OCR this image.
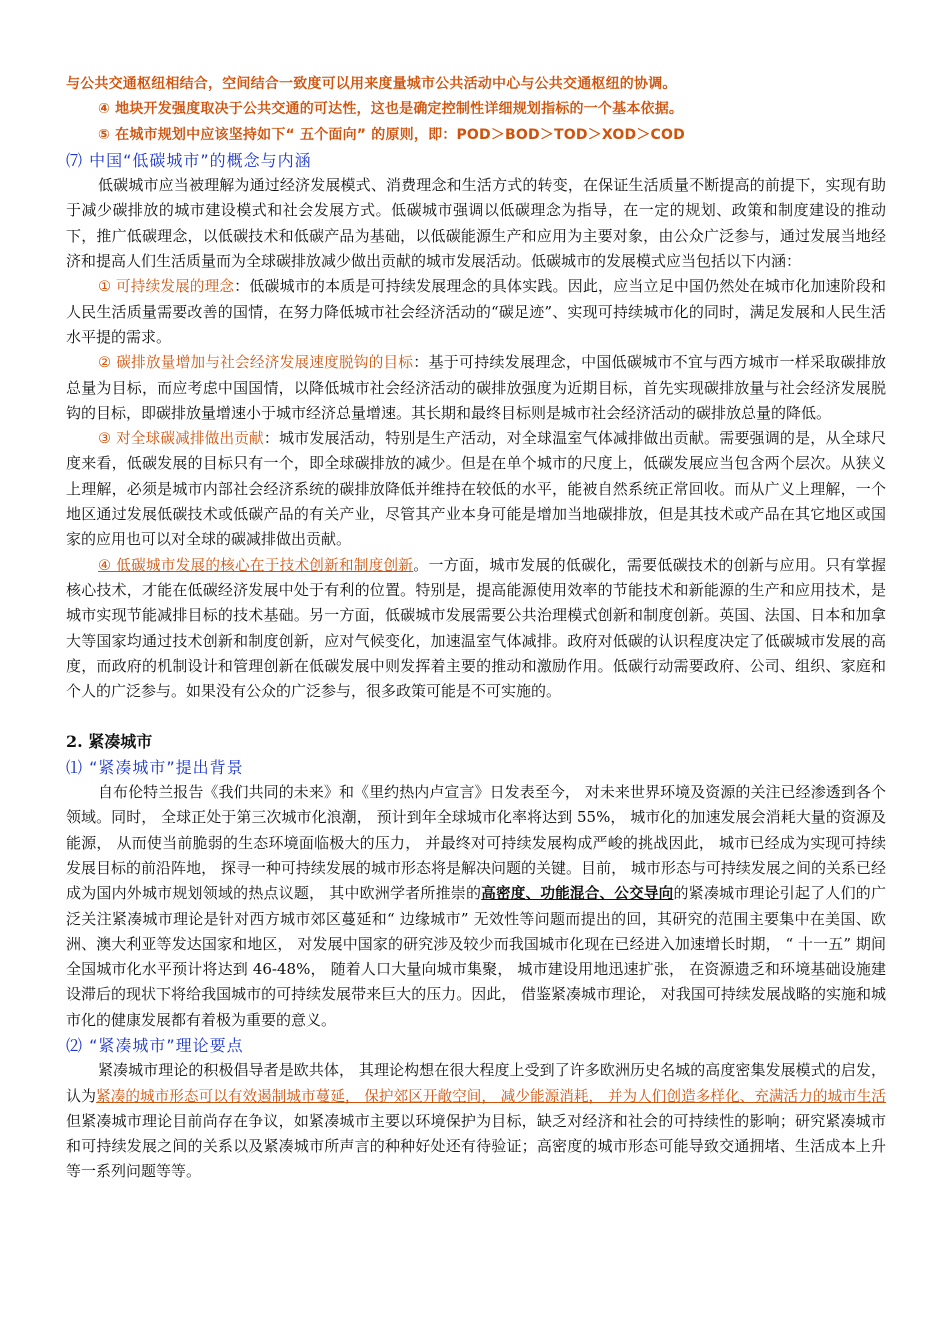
与公共交通枢纽相结合，空间结合一致度可以用来度量城市公共活动中心与公共交通枢纽的协调。

④ 地块开发强度取决于公共交通的可达性，这也是确定控制性详细规划指标的一个基本依据。

⑤ 在城市规划中应该坚持如下“ 五个面向” 的原则，即：POD＞BOD＞TOD＞XOD＞COD

⑺ 中国“低碳城市”的概念与内涵

低碳城市应当被理解为通过经济发展模式、消费理念和生活方式的转变，在保证生活质量不断提高的前提下，实现有助于减少碳排放的城市建设模式和社会发展方式。低碳城市强调以低碳理念为指导，在一定的规划、政策和制度建设的推动下，推广低碳理念，以低碳技术和低碳产品为基础，以低碳能源生产和应用为主要对象，由公众广泛参与，通过发展当地经济和提高人们生活质量而为全球碳排放减少做出贡献的城市发展活动。低碳城市的发展模式应当包括以下内涵：

① 可持续发展的理念：低碳城市的本质是可持续发展理念的具体实践。因此，应当立足中国仍然处在城市化加速阶段和人民生活质量需要改善的国情，在努力降低城市社会经济活动的“碳足迹”、实现可持续城市化的同时，满足发展和人民生活水平提的需求。

② 碳排放量增加与社会经济发展速度脱钩的目标：基于可持续发展理念，中国低碳城市不宜与西方城市一样采取碳排放总量为目标，而应考虑中国国情，以降低城市社会经济活动的碳排放强度为近期目标，首先实现碳排放量与社会经济发展脱钩的目标，即碳排放量增速小于城市经济总量增速。其长期和最终目标则是城市社会经济活动的碳排放总量的降低。

③ 对全球碳减排做出贡献：城市发展活动，特别是生产活动，对全球温室气体减排做出贡献。需要强调的是，从全球尺度来看，低碳发展的目标只有一个，即全球碳排放的减少。但是在单个城市的尺度上，低碳发展应当包含两个层次。从狭义上理解，必须是城市内部社会经济系统的碳排放降低并维持在较低的水平，能被自然系统正常回收。而从广义上理解，一个地区通过发展低碳技术或低碳产品的有关产业，尽管其产业本身可能是增加当地碳排放，但是其技术或产品在其它地区或国家的应用也可以对全球的碳减排做出贡献。

④ 低碳城市发展的核心在于技术创新和制度创新。一方面，城市发展的低碳化，需要低碳技术的创新与应用。只有掌握核心技术，才能在低碳经济发展中处于有利的位置。特别是，提高能源使用效率的节能技术和新能源的生产和应用技术，是城市实现节能减排目标的技术基础。另一方面，低碳城市发展需要公共治理模式创新和制度创新。英国、法国、日本和加拿大等国家均通过技术创新和制度创新，应对气候变化，加速温室气体减排。政府对低碳的认识程度决定了低碳城市发展的高度，而政府的机制设计和管理创新在低碳发展中则发挥着主要的推动和激励作用。低碳行动需要政府、公司、组织、家庭和个人的广泛参与。如果没有公众的广泛参与，很多政策可能是不可实施的。

2. 紧凑城市

⑴ “紧凑城市”提出背景

自布伦特兰报告《我们共同的未来》和《里约热内卢宣言》日发表至今， 对未来世界环境及资源的关注已经渗透到各个领域。同时， 全球正处于第三次城市化浪潮， 预计到年全球城市化率将达到 55%， 城市化的加速发展会消耗大量的资源及能源， 从而使当前脆弱的生态环境面临极大的压力， 并最终对可持续发展构成严峻的挑战因此， 城市已经成为实现可持续发展目标的前沿阵地， 探寻一种可持续发展的城市形态将是解决问题的关键。目前， 城市形态与可持续发展之间的关系已经成为国内外城市规划领域的热点议题， 其中欧洲学者所推崇的高密度、功能混合、公交导向的紧凑城市理论引起了人们的广泛关注紧凑城市理论是针对西方城市郊区蔓延和“ 边缘城市” 无效性等问题而提出的回，其研究的范围主要集中在美国、欧洲、澳大利亚等发达国家和地区， 对发展中国家的研究涉及较少而我国城市化现在已经进入加速增长时期， “ 十一五” 期间全国城市化水平预计将达到 46-48%， 随着人口大量向城市集聚， 城市建设用地迅速扩张， 在资源遗乏和环境基础设施建设滞后的现状下将给我国城市的可持续发展带来巨大的压力。因此， 借鉴紧凑城市理论， 对我国可持续发展战略的实施和城市化的健康发展都有着极为重要的意义。

⑵ “紧凑城市”理论要点

紧凑城市理论的积极倡导者是欧共体， 其理论构想在很大程度上受到了许多欧洲历史名城的高度密集发展模式的启发， 认为紧凑的城市形态可以有效遏制城市蔓延， 保护郊区开敞空间， 减少能源消耗， 并为人们创造多样化、充满活力的城市生活但紧凑城市理论目前尚存在争议，如紧凑城市主要以环境保护为目标，缺乏对经济和社会的可持续性的影响；研究紧凑城市和可持续发展之间的关系以及紧凑城市所声言的种种好处还有待验证；高密度的城市形态可能导致交通拥堵、生活成本上升等一系列问题等等。
